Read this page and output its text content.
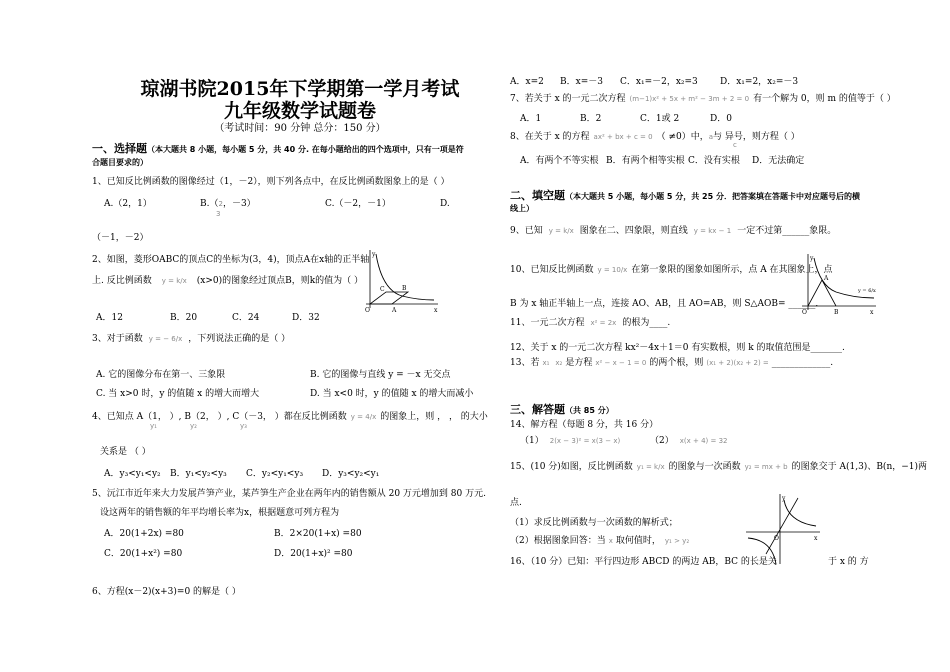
琼湖书院2015年下学期第一学月考试
九年级数学试题卷
（考试时间：90 分钟 总分：150 分）
一、选择题（本大题共 8 小题，每小题 5 分，共 40 分. 在每小题给出的四个选项中，只有一项是符
合题目要求的）
1、已知反比例函数的图像经过（1，－2），则下列各点中，在反比例函数图象上的是（ ）
A.（2，1）	B.（2，－3）
3
C.（－2，－1）	D.
（－1，－2）
2、如图，菱形OABC的顶点C的坐标为(3，4)，顶点A在x轴的正半轴
上. 反比例函数 y = k/x (x>0)的图象经过顶点B，则k的值为（ ）
A．12	B．20	C．24	D．32
O	A
C	B
y
x
3、对于函数 y = − 6/x ，下列说法正确的是（ ）
A. 它的图像分布在第一、三象限	B. 它的图像与直线 y = －x 无交点
C. 当 x>0 时，y 的值随 x 的增大而增大	D. 当 x<0 时，y 的值随 x 的增大而减小
4、已知点 A（1， ）, B（2， ）, C（－3， ）都在反比例函数 y = 4/x 的图象上，则 ， ， 的大小
y₁	y₂	y₃
关系是 （ ）
A．y₃<y₁<y₂ B．y₁<y₂<y₃ C．y₂<y₁<y₃ D．y₃<y₂<y₁
5、沅江市近年来大力发展芦笋产业，某芦笋生产企业在两年内的销售额从 20 万元增加到 80 万元.
设这两年的销售额的年平均增长率为x，根据题意可列方程为
A．20(1+2x) =80	B．2×20(1+x) =80
C．20(1+x²) =80	D．20(1+x)² =80
6、方程(x－2)(x+3)=0 的解是（ ）
A．x=2 B．x=－3 C．x₁=－2，x₂=3 D．x₁=2，x₂=－3
7、若关于 x 的一元二次方程 (m−1)x² + 5x + m² − 3m + 2 = 0 有一个解为 0，则 m 的值等于（ ）
A．1	B．2	C．1或 2	D．0
8、在关于 x 的方程 ax² + bx + c = 0 （ ≠0）中，a与 异号，则方程（ ）
c
A．有两个不等实根 B．有两个相等实根 C．没有实根 D．无法确定
二、填空题（本大题共 5 小题，每小题 5 分，共 25 分．把答案填在答题卡中对应题号后的横
线上）
9、已知 y = k/x 图象在二、四象限，则直线 y = kx − 1 一定不过第______象限。
10、已知反比例函数 y = 10/x 在第一象限的图象如图所示，点 A 在其图象上，点
B 为 x 轴正半轴上一点，连接 AO、AB，且 AO=AB，则 S△AOB= ______．
O
A
B
y
x
y = 6/x
11、一元二次方程 x² = 2x 的根为____.
12、关于 x 的一元二次方程 kx²－4x＋1＝0 有实数根，则 k 的取值范围是_______.
13、若 x₁ x₂ 是方程 x² − x − 1 = 0 的两个根，则 (x₁ + 2)(x₂ + 2) = _____________.
三、解答题（共 85 分）
14、解方程（每题 8 分，共 16 分）
（1） 2(x − 3)² = x(3 − x)	（2） x(x + 4) = 32
15、(10 分)如图，反比例函数 y₁ = k/x 的图象与一次函数 y₂ = mx + b 的图象交于 A(1,3)、B(n，−1)两
点.
（1）求反比例函数与一次函数的解析式；
（2）根据图象回答：当 x 取何值时， y₁ > y₂	O
y
x
16、（10 分）已知：平行四边形 ABCD 的两边 AB，BC 的长是关	于 x 的 方
